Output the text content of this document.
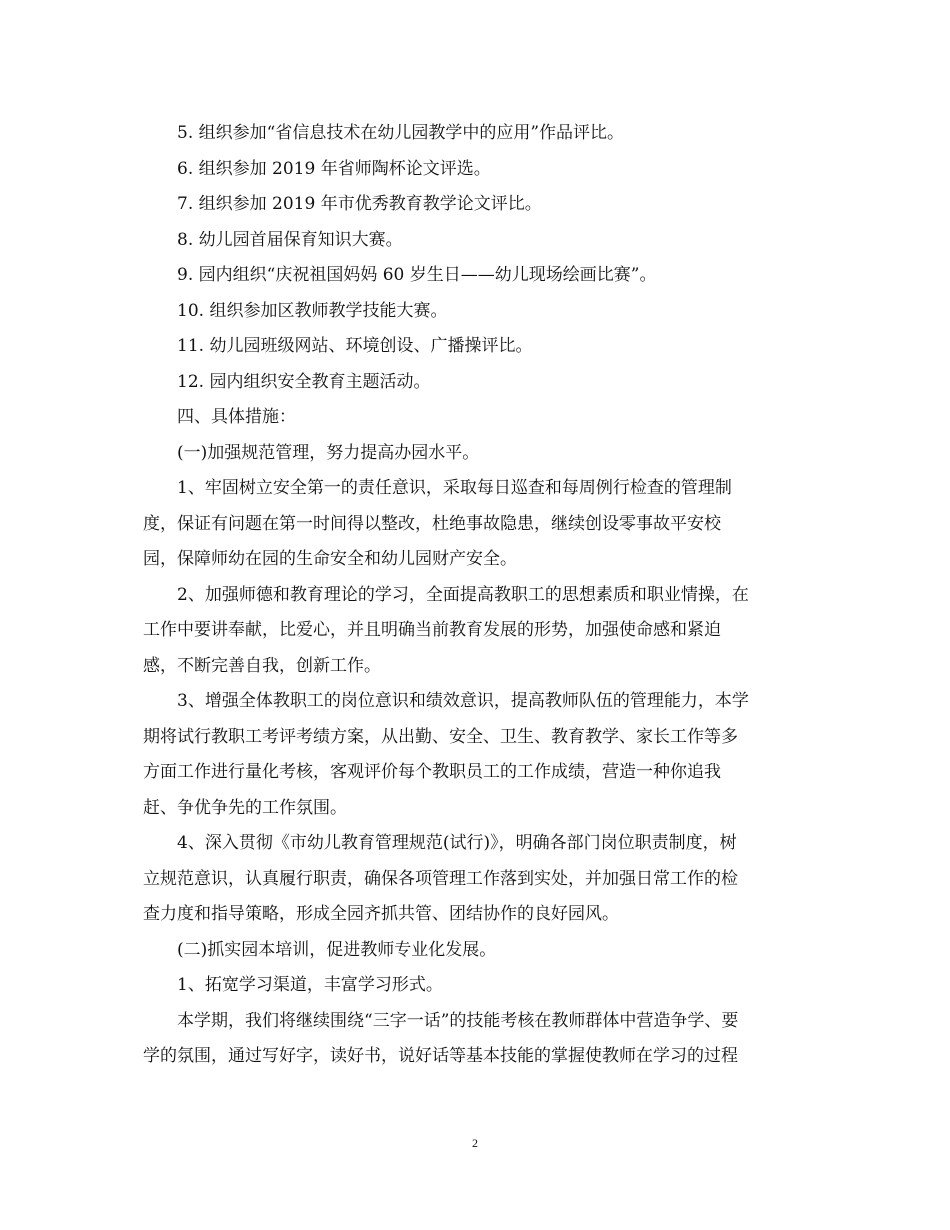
5. 组织参加“省信息技术在幼儿园教学中的应用”作品评比。

6. 组织参加 2019 年省师陶杯论文评选。

7. 组织参加 2019 年市优秀教育教学论文评比。

8. 幼儿园首届保育知识大赛。

9. 园内组织“庆祝祖国妈妈 60 岁生日——幼儿现场绘画比赛”。

10. 组织参加区教师教学技能大赛。

11. 幼儿园班级网站、环境创设、广播操评比。

12. 园内组织安全教育主题活动。

四、具体措施：

(一)加强规范管理，努力提高办园水平。

1、牢固树立安全第一的责任意识，采取每日巡查和每周例行检查的管理制

度，保证有问题在第一时间得以整改，杜绝事故隐患，继续创设零事故平安校

园，保障师幼在园的生命安全和幼儿园财产安全。

2、加强师德和教育理论的学习，全面提高教职工的思想素质和职业情操，在

工作中要讲奉献，比爱心，并且明确当前教育发展的形势，加强使命感和紧迫

感，不断完善自我，创新工作。

3、增强全体教职工的岗位意识和绩效意识，提高教师队伍的管理能力，本学

期将试行教职工考评考绩方案，从出勤、安全、卫生、教育教学、家长工作等多

方面工作进行量化考核，客观评价每个教职员工的工作成绩，营造一种你追我

赶、争优争先的工作氛围。

4、深入贯彻《市幼儿教育管理规范(试行)》，明确各部门岗位职责制度，树

立规范意识，认真履行职责，确保各项管理工作落到实处，并加强日常工作的检

查力度和指导策略，形成全园齐抓共管、团结协作的良好园风。

(二)抓实园本培训，促进教师专业化发展。

1、拓宽学习渠道，丰富学习形式。

本学期，我们将继续围绕“三字一话”的技能考核在教师群体中营造争学、要

学的氛围，通过写好字，读好书，说好话等基本技能的掌握使教师在学习的过程

2
